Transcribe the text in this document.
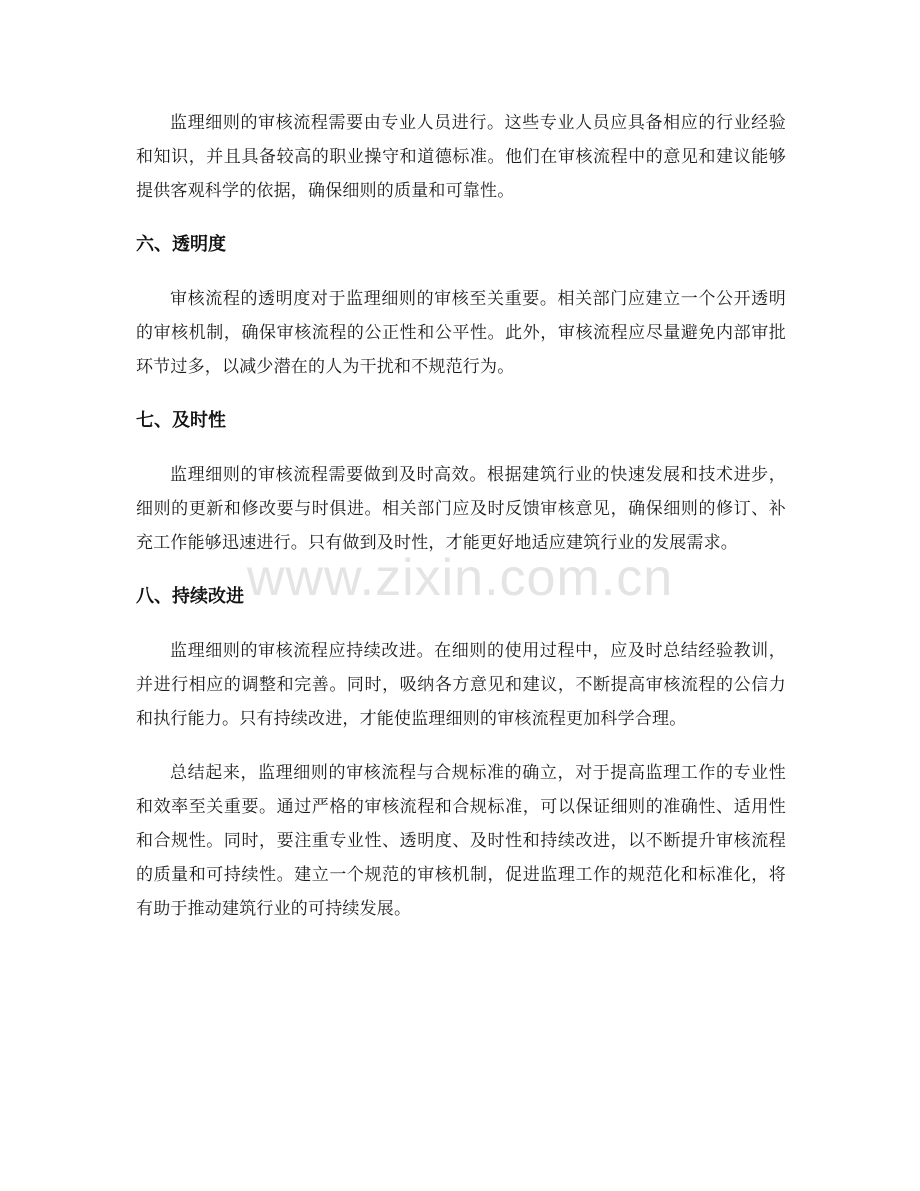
监理细则的审核流程需要由专业人员进行。这些专业人员应具备相应的行业经验和知识，并且具备较高的职业操守和道德标准。他们在审核流程中的意见和建议能够提供客观科学的依据，确保细则的质量和可靠性。

六、透明度

审核流程的透明度对于监理细则的审核至关重要。相关部门应建立一个公开透明的审核机制，确保审核流程的公正性和公平性。此外，审核流程应尽量避免内部审批环节过多，以减少潜在的人为干扰和不规范行为。

七、及时性

监理细则的审核流程需要做到及时高效。根据建筑行业的快速发展和技术进步，细则的更新和修改要与时俱进。相关部门应及时反馈审核意见，确保细则的修订、补充工作能够迅速进行。只有做到及时性，才能更好地适应建筑行业的发展需求。

八、持续改进

监理细则的审核流程应持续改进。在细则的使用过程中，应及时总结经验教训，并进行相应的调整和完善。同时，吸纳各方意见和建议，不断提高审核流程的公信力和执行能力。只有持续改进，才能使监理细则的审核流程更加科学合理。

总结起来，监理细则的审核流程与合规标准的确立，对于提高监理工作的专业性和效率至关重要。通过严格的审核流程和合规标准，可以保证细则的准确性、适用性和合规性。同时，要注重专业性、透明度、及时性和持续改进，以不断提升审核流程的质量和可持续性。建立一个规范的审核机制，促进监理工作的规范化和标准化，将有助于推动建筑行业的可持续发展。

www.zixin.com.cn
